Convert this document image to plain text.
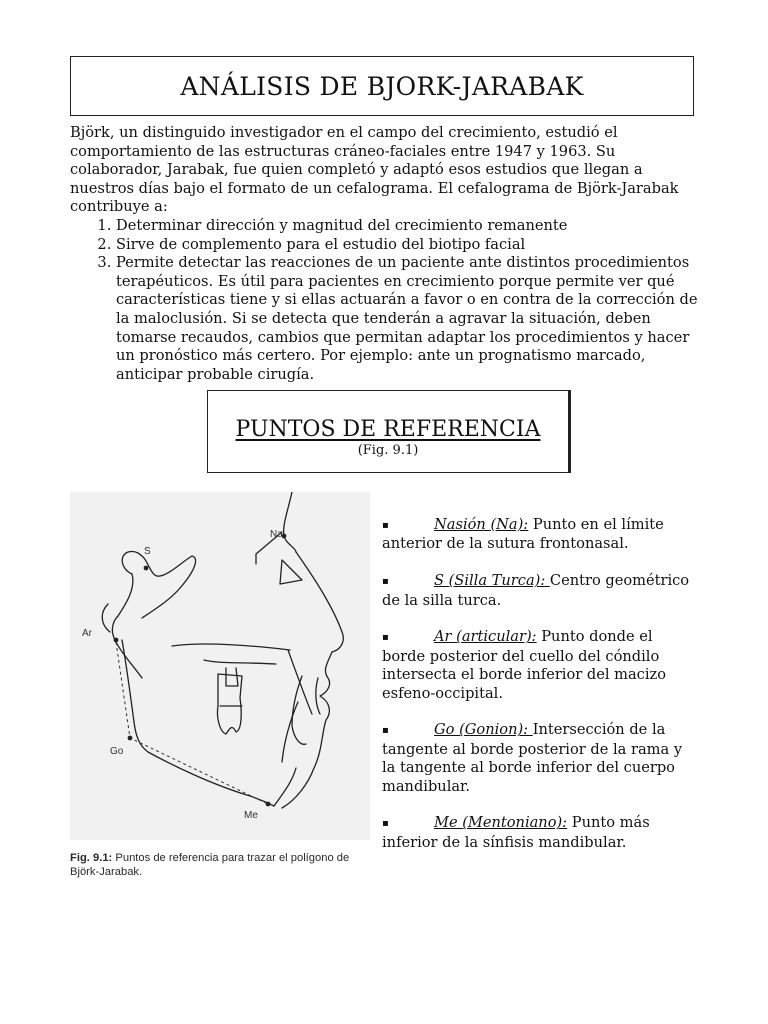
ANÁLISIS DE BJORK-JARABAK

Björk, un distinguido investigador en el campo del crecimiento, estudió el comportamiento de las estructuras cráneo-faciales entre 1947 y 1963. Su colaborador, Jarabak, fue quien completó y adaptó esos estudios que llegan a nuestros días bajo el formato de un cefalograma. El cefalograma de Björk-Jarabak contribuye a:

1. Determinar dirección y magnitud del crecimiento remanente
2. Sirve de complemento para el estudio del biotipo facial
3. Permite detectar las reacciones de un paciente ante distintos procedimientos terapéuticos. Es útil para pacientes en crecimiento porque permite ver qué características tiene y si ellas actuarán a favor o en contra de la corrección de la maloclusión. Si se detecta que tenderán a agravar la situación, deben tomarse recaudos, cambios que permitan adaptar los procedimientos y hacer un pronóstico más certero. Por ejemplo: ante un prognatismo marcado, anticipar probable cirugía.
PUNTOS DE REFERENCIA
(Fig. 9.1)
S
Na
Ar
Go
Me
Fig. 9.1: Puntos de referencia para trazar el polígono de Björk-Jarabak.

▪	Nasión (Na): Punto en el límite anterior de la sutura frontonasal.

▪	S (Silla Turca): Centro geométrico de la silla turca.

▪	Ar (articular): Punto donde el borde posterior del cuello del cóndilo intersecta el borde inferior del macizo esfeno-occipital.

▪	Go (Gonion): Intersección de la tangente al borde posterior de la rama y la tangente al borde inferior del cuerpo mandibular.

▪	Me (Mentoniano): Punto más inferior de la sínfisis mandibular.
